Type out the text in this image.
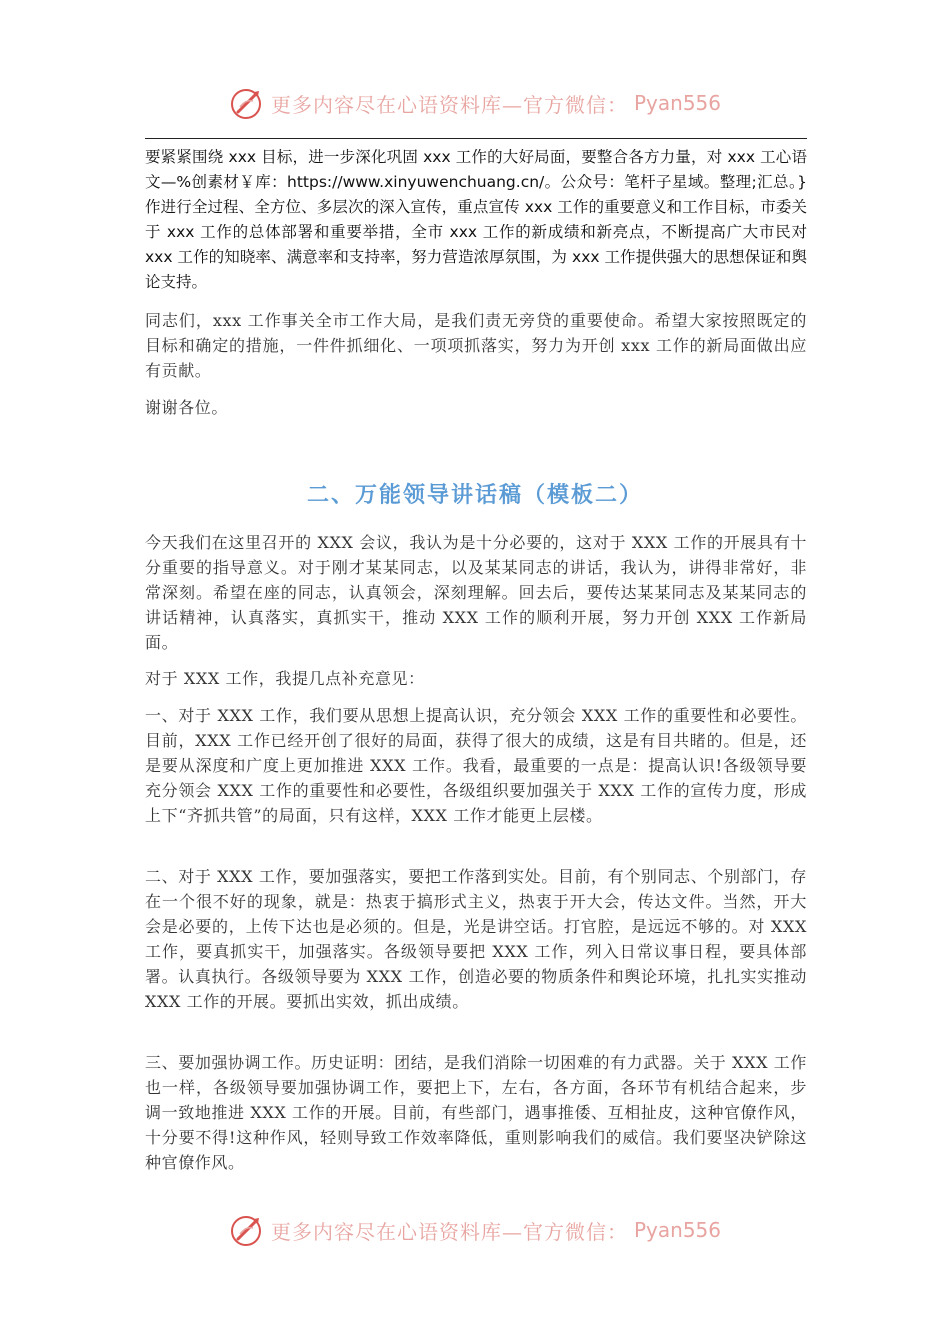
更多内容尽在心语资料库—官方微信： Pyan556

要紧紧围绕 xxx 目标，进一步深化巩固 xxx 工作的大好局面，要整合各方力量，对 xxx 工心语文—%创素材￥库：https://www.xinyuwenchuang.cn/。公众号：笔杆子星域。整理;汇总。}作进行全过程、全方位、多层次的深入宣传，重点宣传 xxx 工作的重要意义和工作目标，市委关于 xxx 工作的总体部署和重要举措，全市 xxx 工作的新成绩和新亮点，不断提高广大市民对 xxx 工作的知晓率、满意率和支持率，努力营造浓厚氛围，为 xxx 工作提供强大的思想保证和舆论支持。

同志们，xxx 工作事关全市工作大局，是我们责无旁贷的重要使命。希望大家按照既定的目标和确定的措施，一件件抓细化、一项项抓落实，努力为开创 xxx 工作的新局面做出应有贡献。

谢谢各位。

二、万能领导讲话稿（模板二）

今天我们在这里召开的 XXX 会议，我认为是十分必要的，这对于 XXX 工作的开展具有十分重要的指导意义。对于刚才某某同志，以及某某同志的讲话，我认为，讲得非常好，非常深刻。希望在座的同志，认真领会，深刻理解。回去后，要传达某某同志及某某同志的讲话精神，认真落实，真抓实干，推动 XXX 工作的顺利开展，努力开创 XXX 工作新局面。

对于 XXX 工作，我提几点补充意见：

一、对于 XXX 工作，我们要从思想上提高认识，充分领会 XXX 工作的重要性和必要性。目前，XXX 工作已经开创了很好的局面，获得了很大的成绩，这是有目共睹的。但是，还是要从深度和广度上更加推进 XXX 工作。我看，最重要的一点是：提高认识!各级领导要充分领会 XXX 工作的重要性和必要性，各级组织要加强关于 XXX 工作的宣传力度，形成上下“齐抓共管”的局面，只有这样，XXX 工作才能更上层楼。

二、对于 XXX 工作，要加强落实，要把工作落到实处。目前，有个别同志、个别部门，存在一个很不好的现象，就是：热衷于搞形式主义，热衷于开大会，传达文件。当然，开大会是必要的，上传下达也是必须的。但是，光是讲空话。打官腔，是远远不够的。对 XXX 工作，要真抓实干，加强落实。各级领导要把 XXX 工作，列入日常议事日程，要具体部署。认真执行。各级领导要为 XXX 工作，创造必要的物质条件和舆论环境，扎扎实实推动 XXX 工作的开展。要抓出实效，抓出成绩。

三、要加强协调工作。历史证明：团结，是我们消除一切困难的有力武器。关于 XXX 工作也一样，各级领导要加强协调工作，要把上下，左右，各方面，各环节有机结合起来，步调一致地推进 XXX 工作的开展。目前，有些部门，遇事推倭、互相扯皮，这种官僚作风，十分要不得!这种作风，轻则导致工作效率降低，重则影响我们的威信。我们要坚决铲除这种官僚作风。

更多内容尽在心语资料库—官方微信： Pyan556
